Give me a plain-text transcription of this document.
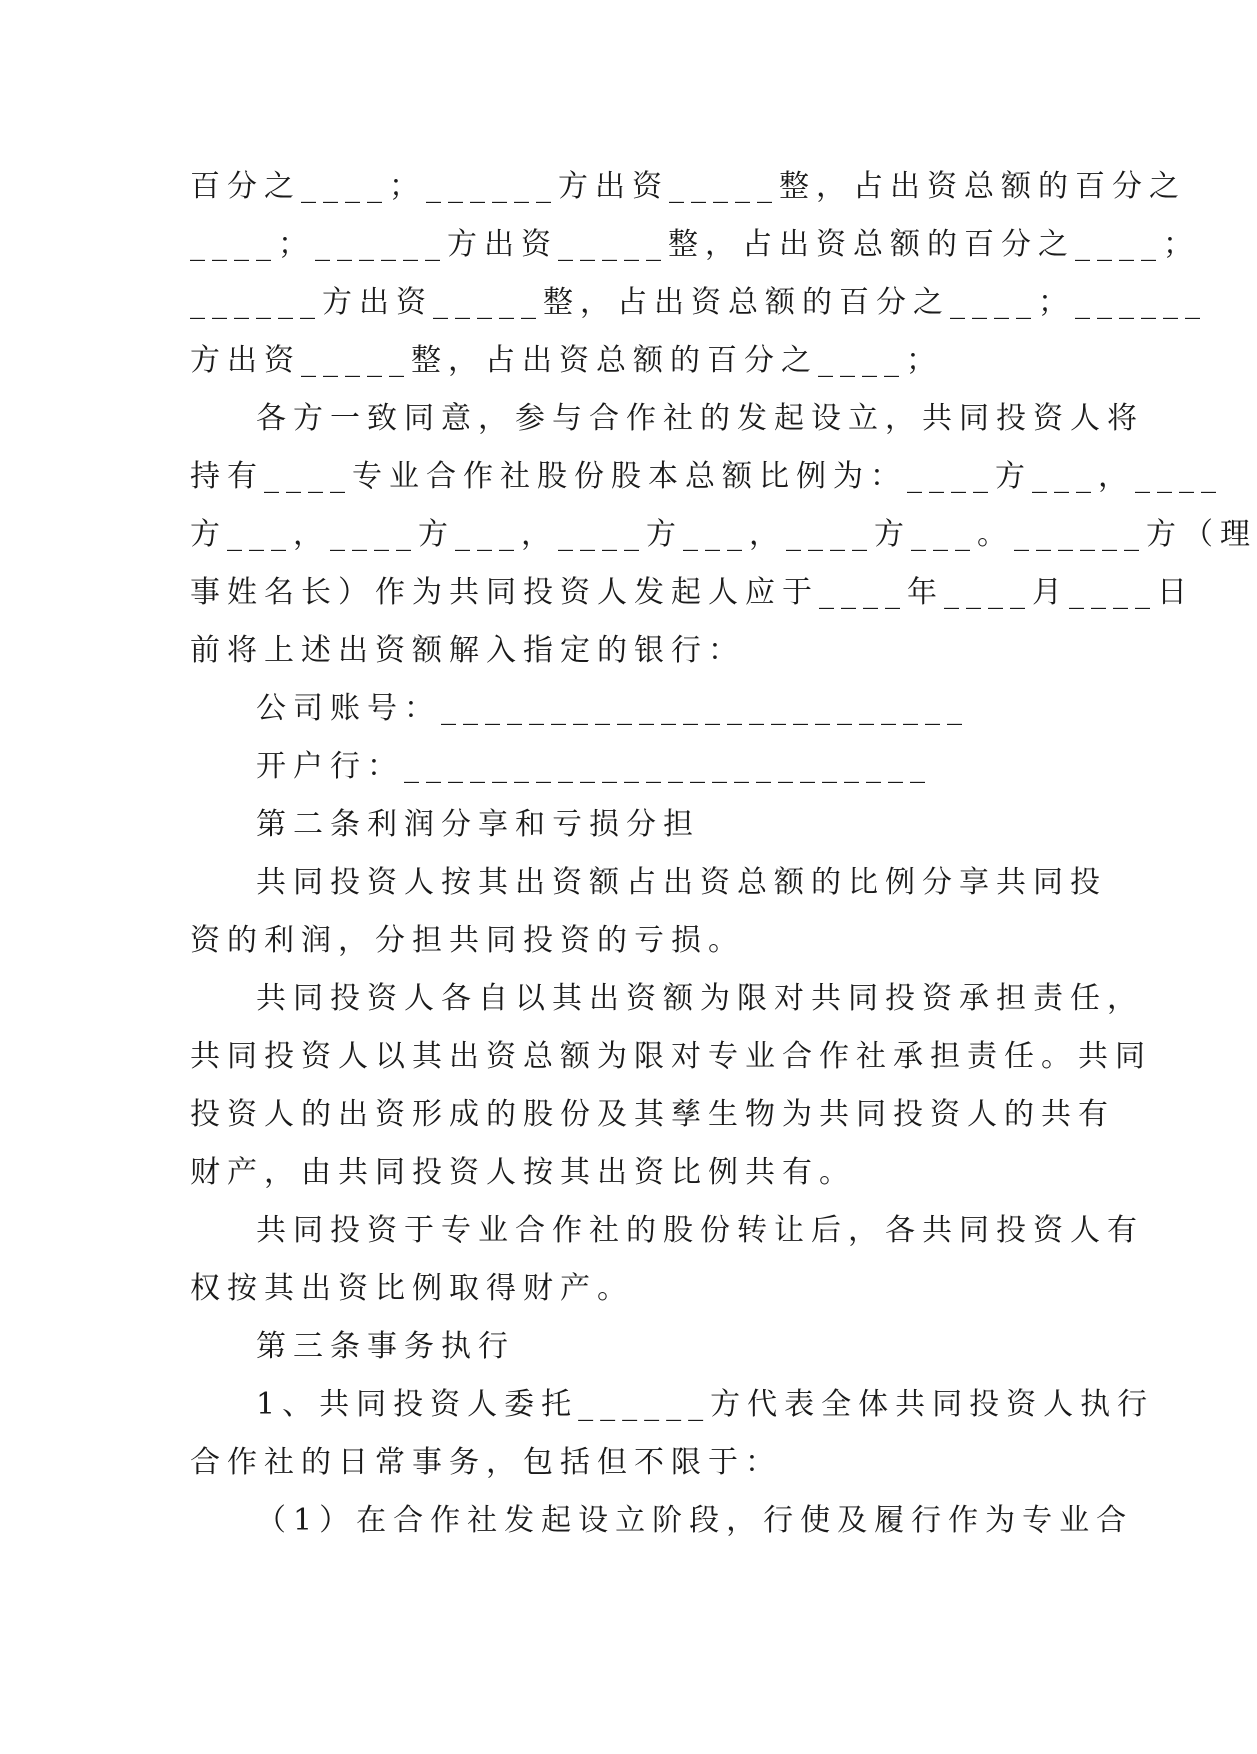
百分之____；______方出资_____整，占出资总额的百分之
____；______方出资_____整，占出资总额的百分之____；
______方出资_____整，占出资总额的百分之____；______
方出资_____整，占出资总额的百分之____；
各方一致同意，参与合作社的发起设立，共同投资人将
持有____专业合作社股份股本总额比例为：____方___，____
方___，____方___，____方___，____方___。______方（理
事姓名长）作为共同投资人发起人应于____年____月____日
前将上述出资额解入指定的银行：
公司账号：________________________
开户行：________________________
第二条利润分享和亏损分担
共同投资人按其出资额占出资总额的比例分享共同投
资的利润，分担共同投资的亏损。
共同投资人各自以其出资额为限对共同投资承担责任，
共同投资人以其出资总额为限对专业合作社承担责任。共同
投资人的出资形成的股份及其孳生物为共同投资人的共有
财产，由共同投资人按其出资比例共有。
共同投资于专业合作社的股份转让后，各共同投资人有
权按其出资比例取得财产。
第三条事务执行
1、共同投资人委托______方代表全体共同投资人执行
合作社的日常事务，包括但不限于：
（1）在合作社发起设立阶段，行使及履行作为专业合
